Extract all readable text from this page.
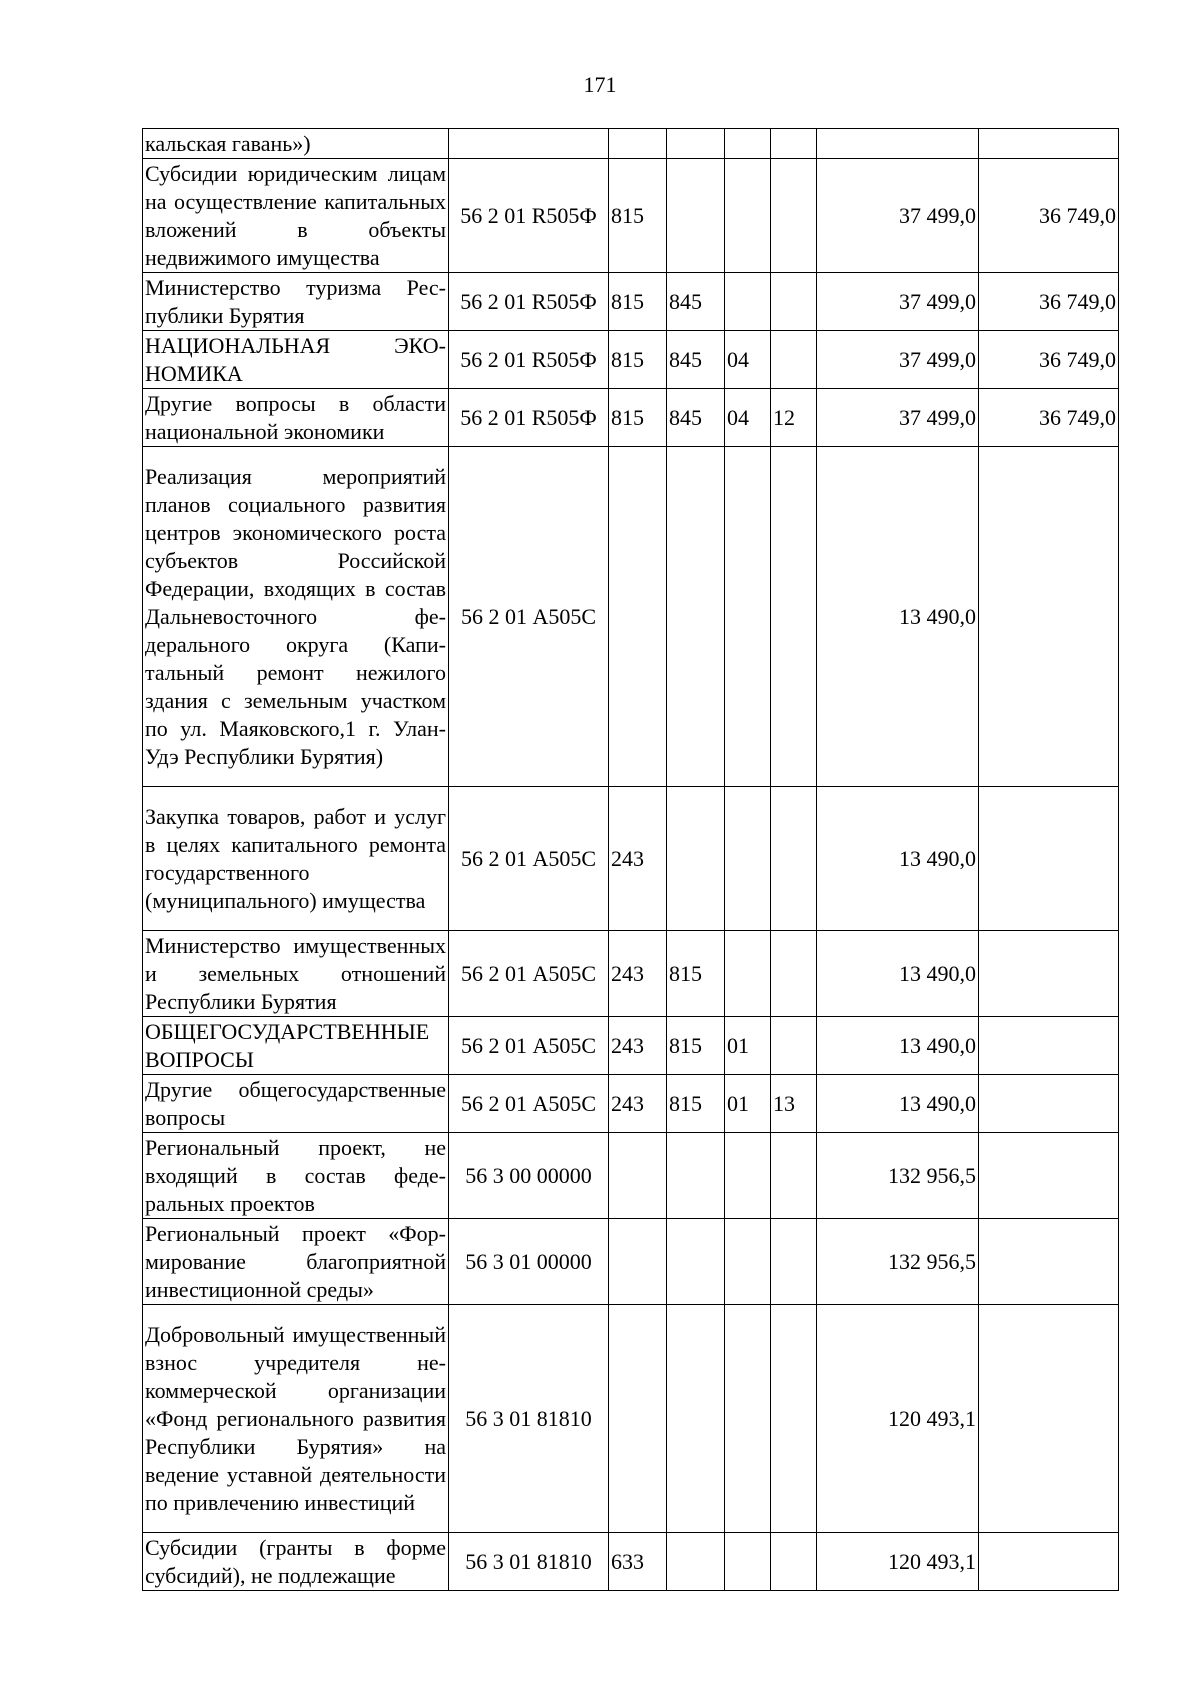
171
кальская гавань»)							
Субсидии юридическим лицам на осуществление капитальных вложений в объекты недвижимого имущества	56 2 01 R505Ф	815				37 499,0	36 749,0
Министерство туризма Республики Бурятия	56 2 01 R505Ф	815	845			37 499,0	36 749,0
НАЦИОНАЛЬНАЯ ЭКОНОМИКА	56 2 01 R505Ф	815	845	04		37 499,0	36 749,0
Другие вопросы в области национальной экономики	56 2 01 R505Ф	815	845	04	12	37 499,0	36 749,0
Реализация мероприятий планов социального развития центров экономического роста субъектов Российской Федерации, входящих в состав Дальневосточного федерального округа (Капитальный ремонт нежилого здания с земельным участком по ул. Маяковского,1 г. Улан-Удэ Республики Бурятия)	56 2 01 А505С					13 490,0	
Закупка товаров, работ и услуг в целях капитального ремонта государственного (муниципального) имущества	56 2 01 А505С	243				13 490,0	
Министерство имущественных и земельных отношений Республики Бурятия	56 2 01 А505С	243	815			13 490,0	
ОБЩЕГОСУДАРСТВЕННЫЕ ВОПРОСЫ	56 2 01 А505С	243	815	01		13 490,0	
Другие общегосударственные вопросы	56 2 01 А505С	243	815	01	13	13 490,0	
Региональный проект, не входящий в состав федеральных проектов	56 3 00 00000					132 956,5	
Региональный проект «Формирование благоприятной инвестиционной среды»	56 3 01 00000					132 956,5	
Добровольный имущественный взнос учредителя некоммерческой организации «Фонд регионального развития Республики Бурятия» на ведение уставной деятельности по привлечению инвестиций	56 3 01 81810					120 493,1	
Субсидии (гранты в форме субсидий), не подлежащие	56 3 01 81810	633				120 493,1	
